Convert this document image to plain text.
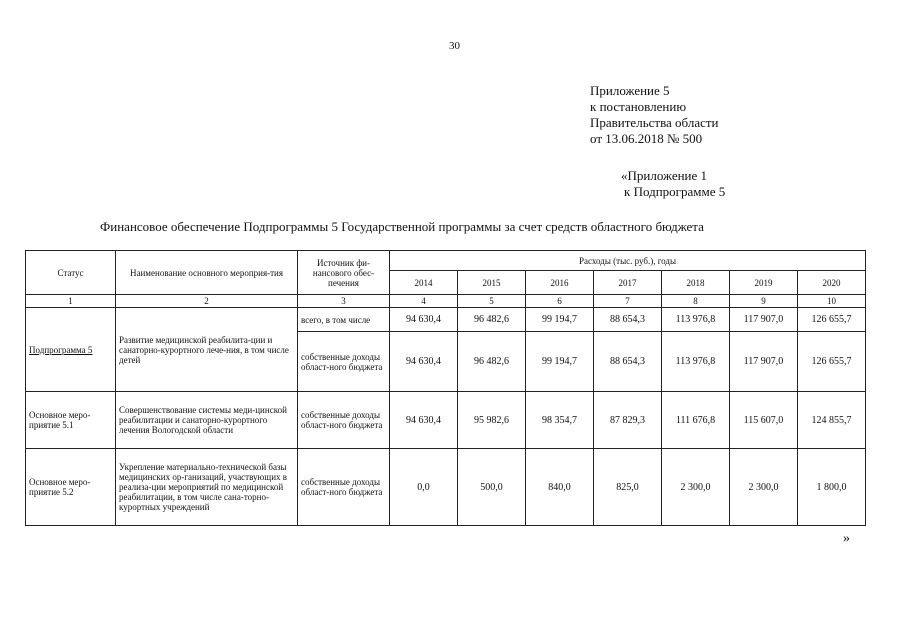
30
Приложение 5
к постановлению
Правительства области
от 13.06.2018 № 500
«Приложение 1
к Подпрограмме 5
Финансовое обеспечение Подпрограммы 5 Государственной программы за счет средств областного бюджета
Статус	Наименование основного мероприя-тия	Источник фи-нансового обес-печения	Расходы (тыс. руб.), годы						
			2014	2015	2016	2017	2018	2019	2020
1	2	3	4	5	6	7	8	9	10
Подпрограмма 5	Развитие медицинской реабилита-ции и санаторно-курортного лече-ния, в том числе детей	всего, в том числе	94 630,4	96 482,6	99 194,7	88 654,3	113 976,8	117 907,0	126 655,7
		собственные доходы област-ного бюджета	94 630,4	96 482,6	99 194,7	88 654,3	113 976,8	117 907,0	126 655,7
Основное меро-приятие 5.1	Совершенствование системы меди-цинской реабилитации и санаторно-курортного лечения Вологодской области	собственные доходы област-ного бюджета	94 630,4	95 982,6	98 354,7	87 829,3	111 676,8	115 607,0	124 855,7
Основное меро-приятие 5.2	Укрепление материально-технической базы медицинских ор-ганизаций, участвующих в реализа-ции мероприятий по медицинской реабилитации, в том числе сана-торно-курортных учреждений	собственные доходы област-ного бюджета	0,0	500,0	840,0	825,0	2 300,0	2 300,0	1 800,0
»
